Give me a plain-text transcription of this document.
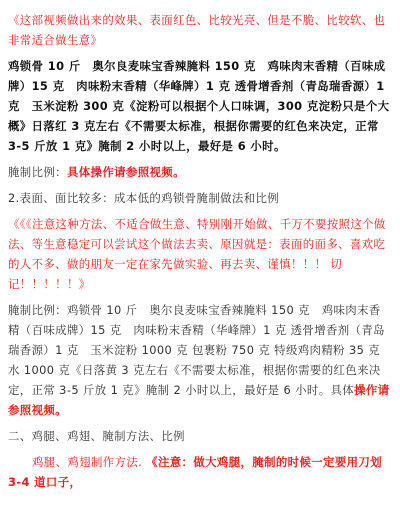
《这部视频做出来的效果、表面红色、比较光亮、但是不脆、比较软、也非常适合做生意》

鸡锁骨 10 斤　奥尔良麦味宝香辣腌料 150 克　鸡味肉末香精（百味成牌）15 克　肉味粉末香精（华峰牌）1 克 透骨增香剂（青岛瑞香源）1 克　玉米淀粉 300 克《淀粉可以根据个人口味调，300 克淀粉只是个大概》日落红 3 克左右《不需要太标准，根据你需要的红色来决定，正常 3-5 斤放 1 克》腌制 2 小时以上，最好是 6 小时。

腌制比例：具体操作请参照视频。

2.表面、面比较多：成本低的鸡锁骨腌制做法和比例

《《《注意这种方法、不适合做生意、特别刚开始做、千万不要按照这个做法、等生意稳定可以尝试这个做法去卖、原因就是：表面的面多、喜欢吃的人不多、做的朋友一定在家先做实验、再去卖、谨慎！！！ 切记！！！！！》

腌制比例：鸡锁骨 10 斤　奥尔良麦味宝香辣腌料 150 克　鸡味肉末香精（百味成牌）15 克　肉味粉末香精（华峰牌）1 克 透骨增香剂（青岛瑞香源）1 克　玉米淀粉 1000 克 包裹粉 750 克 特级鸡肉精粉 35 克　水 1000 克《日落黄 3 克左右《不需要太标准，根据你需要的红色来决定，正常 3-5 斤放 1 克》腌制 2 小时以上，最好是 6 小时。具体操作请参照视频。

二、鸡腿、鸡翅、腌制方法、比例

鸡腿、鸡翅制作方法. 《注意：做大鸡腿，腌制的时候一定要用刀划 3-4 道口子，
